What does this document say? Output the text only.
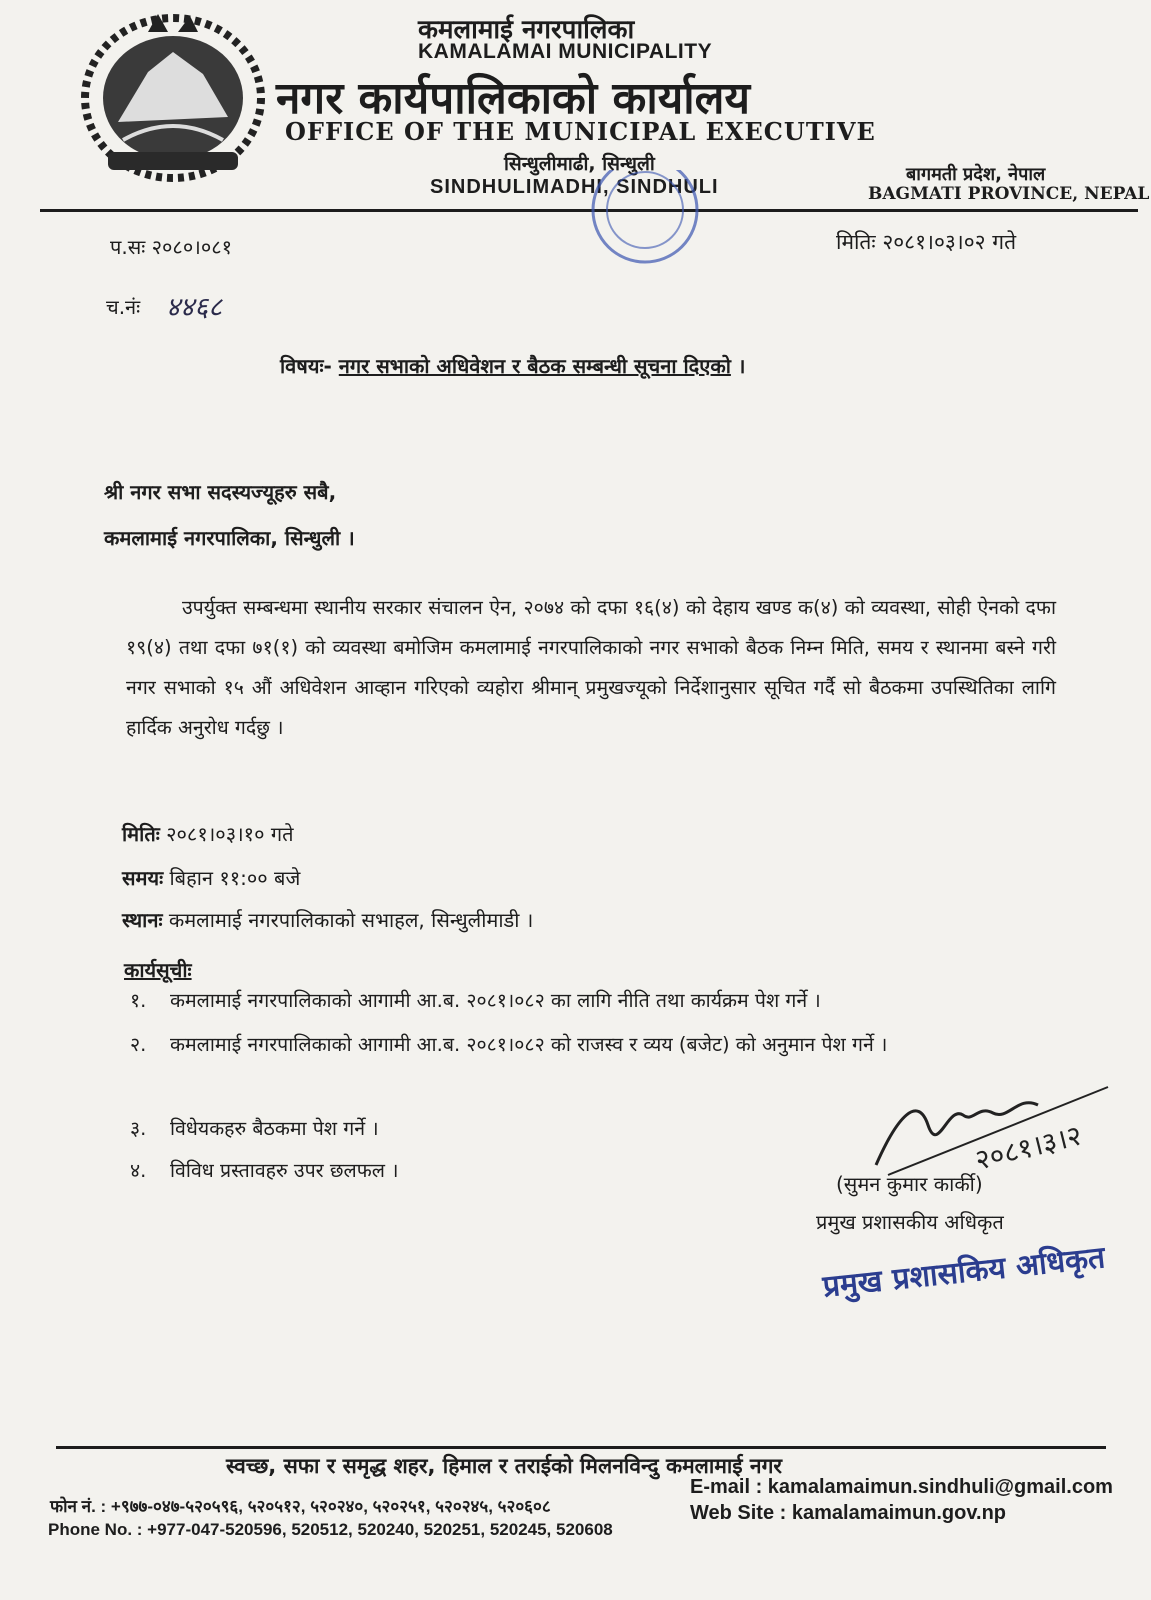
कमलामाई नगरपालिका
KAMALAMAI MUNICIPALITY
नगर कार्यपालिकाको कार्यालय
OFFICE OF THE MUNICIPAL EXECUTIVE
सिन्धुलीमाढी, सिन्धुली
SINDHULIMADHI, SINDHULI
बागमती प्रदेश, नेपाल
BAGMATI PROVINCE, NEPAL
प.सः २०८०।०८१	मितिः २०८१।०३।०२ गते
च.नंः ४४६८
विषयः- नगर सभाको अधिवेशन र बैठक सम्बन्धी सूचना दिएको ।
श्री नगर सभा सदस्यज्यूहरु सबै,
कमलामाई नगरपालिका, सिन्धुली ।
उपर्युक्त सम्बन्धमा स्थानीय सरकार संचालन ऐन, २०७४ को दफा १६(४) को देहाय खण्ड क(४) को व्यवस्था, सोही ऐनको दफा १९(४) तथा दफा ७१(१) को व्यवस्था बमोजिम कमलामाई नगरपालिकाको नगर सभाको बैठक निम्न मिति, समय र स्थानमा बस्ने गरी नगर सभाको १५ औं अधिवेशन आव्हान गरिएको व्यहोरा श्रीमान् प्रमुखज्यूको निर्देशानुसार सूचित गर्दै सो बैठकमा उपस्थितिका लागि हार्दिक अनुरोध गर्दछु ।
मितिः २०८१।०३।१० गते
समयः बिहान ११:०० बजे
स्थानः कमलामाई नगरपालिकाको सभाहल, सिन्धुलीमाडी ।
कार्यसूचीः
१. कमलामाई नगरपालिकाको आगामी आ.ब. २०८१।०८२ का लागि नीति तथा कार्यक्रम पेश गर्ने ।
२. कमलामाई नगरपालिकाको आगामी आ.ब. २०८१।०८२ को राजस्व र व्यय (बजेट) को अनुमान पेश गर्ने ।
३. विधेयकहरु बैठकमा पेश गर्ने ।
४. विविध प्रस्तावहरु उपर छलफल ।	२०८१।३।२
(सुमन कुमार कार्की)
प्रमुख प्रशासकीय अधिकृत
प्रमुख प्रशासकिय अधिकृत
स्वच्छ, सफा र समृद्ध शहर, हिमाल र तराईको मिलनविन्दु कमलामाई नगर
फोन नं. : +९७७-०४७-५२०५९६, ५२०५१२, ५२०२४०, ५२०२५१, ५२०२४५, ५२०६०८
Phone No. : +977-047-520596, 520512, 520240, 520251, 520245, 520608
E-mail : kamalamaimun.sindhuli@gmail.com
Web Site : kamalamaimun.gov.np
